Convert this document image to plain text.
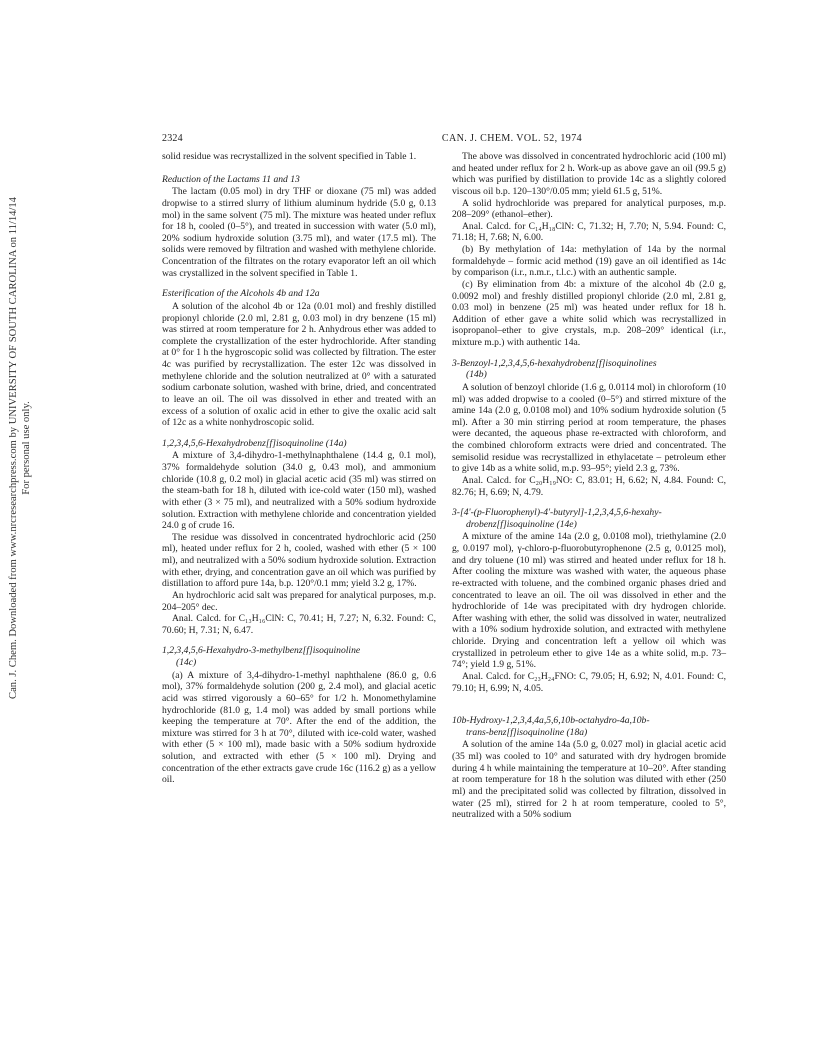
Can. J. Chem. Downloaded from www.nrcresearchpress.com by UNIVERSITY OF SOUTH CAROLINA on 11/14/14 For personal use only.
2324	CAN. J. CHEM. VOL. 52, 1974

solid residue was recrystallized in the solvent specified in Table 1.

Reduction of the Lactams 11 and 13

The lactam (0.05 mol) in dry THF or dioxane (75 ml) was added dropwise to a stirred slurry of lithium aluminum hydride (5.0 g, 0.13 mol) in the same solvent (75 ml). The mixture was heated under reflux for 18 h, cooled (0–5°), and treated in succession with water (5.0 ml), 20% sodium hydroxide solution (3.75 ml), and water (17.5 ml). The solids were removed by filtration and washed with methylene chloride. Concentration of the filtrates on the rotary evaporator left an oil which was crystallized in the solvent specified in Table 1.

Esterification of the Alcohols 4b and 12a

A solution of the alcohol 4b or 12a (0.01 mol) and freshly distilled propionyl chloride (2.0 ml, 2.81 g, 0.03 mol) in dry benzene (15 ml) was stirred at room temperature for 2 h. Anhydrous ether was added to complete the crystallization of the ester hydrochloride. After standing at 0° for 1 h the hygroscopic solid was collected by filtration. The ester 4c was purified by recrystallization. The ester 12c was dissolved in methylene chloride and the solution neutralized at 0° with a saturated sodium carbonate solution, washed with brine, dried, and concentrated to leave an oil. The oil was dissolved in ether and treated with an excess of a solution of oxalic acid in ether to give the oxalic acid salt of 12c as a white nonhydroscopic solid.

1,2,3,4,5,6-Hexahydrobenz[f]isoquinoline (14a)

A mixture of 3,4-dihydro-1-methylnaphthalene (14.4 g, 0.1 mol), 37% formaldehyde solution (34.0 g, 0.43 mol), and ammonium chloride (10.8 g, 0.2 mol) in glacial acetic acid (35 ml) was stirred on the steam-bath for 18 h, diluted with ice-cold water (150 ml), washed with ether (3 × 75 ml), and neutralized with a 50% sodium hydroxide solution. Extraction with methylene chloride and concentration yielded 24.0 g of crude 16.

The residue was dissolved in concentrated hydrochloric acid (250 ml), heated under reflux for 2 h, cooled, washed with ether (5 × 100 ml), and neutralized with a 50% sodium hydroxide solution. Extraction with ether, drying, and concentration gave an oil which was purified by distillation to afford pure 14a, b.p. 120°/0.1 mm; yield 3.2 g, 17%.

An hydrochloric acid salt was prepared for analytical purposes, m.p. 204–205° dec.

Anal. Calcd. for C₁₃H₁₆ClN: C, 70.41; H, 7.27; N, 6.32. Found: C, 70.60; H, 7.31; N, 6.47.

1,2,3,4,5,6-Hexahydro-3-methylbenz[f]isoquinoline
(14c)

(a) A mixture of 3,4-dihydro-1-methyl naphthalene (86.0 g, 0.6 mol), 37% formaldehyde solution (200 g, 2.4 mol), and glacial acetic acid was stirred vigorously a 60–65° for 1/2 h. Monomethylamine hydrochloride (81.0 g, 1.4 mol) was added by small portions while keeping the temperature at 70°. After the end of the addition, the mixture was stirred for 3 h at 70°, diluted with ice-cold water, washed with ether (5 × 100 ml), made basic with a 50% sodium hydroxide solution, and extracted with ether (5 × 100 ml). Drying and concentration of the ether extracts gave crude 16c (116.2 g) as a yellow oil.

The above was dissolved in concentrated hydrochloric acid (100 ml) and heated under reflux for 2 h. Work-up as above gave an oil (99.5 g) which was purified by distillation to provide 14c as a slightly colored viscous oil b.p. 120–130°/0.05 mm; yield 61.5 g, 51%.

A solid hydrochloride was prepared for analytical purposes, m.p. 208–209° (ethanol–ether).

Anal. Calcd. for C₁₄H₁₈ClN: C, 71.32; H, 7.70; N, 5.94. Found: C, 71.18; H, 7.68; N, 6.00.

(b) By methylation of 14a: methylation of 14a by the normal formaldehyde – formic acid method (19) gave an oil identified as 14c by comparison (i.r., n.m.r., t.l.c.) with an authentic sample.

(c) By elimination from 4b: a mixture of the alcohol 4b (2.0 g, 0.0092 mol) and freshly distilled propionyl chloride (2.0 ml, 2.81 g, 0.03 mol) in benzene (25 ml) was heated under reflux for 18 h. Addition of ether gave a white solid which was recrystallized in isopropanol–ether to give crystals, m.p. 208–209° identical (i.r., mixture m.p.) with authentic 14a.

3-Benzoyl-1,2,3,4,5,6-hexahydrobenz[f]isoquinolines
(14b)

A solution of benzoyl chloride (1.6 g, 0.0114 mol) in chloroform (10 ml) was added dropwise to a cooled (0–5°) and stirred mixture of the amine 14a (2.0 g, 0.0108 mol) and 10% sodium hydroxide solution (5 ml). After a 30 min stirring period at room temperature, the phases were decanted, the aqueous phase re-extracted with chloroform, and the combined chloroform extracts were dried and concentrated. The semisolid residue was recrystallized in ethylacetate – petroleum ether to give 14b as a white solid, m.p. 93–95°; yield 2.3 g, 73%.

Anal. Calcd. for C₂₀H₁₉NO: C, 83.01; H, 6.62; N, 4.84. Found: C, 82.76; H, 6.69; N, 4.79.

3-[4'-(p-Fluorophenyl)-4'-butyryl]-1,2,3,4,5,6-hexahy-
drobenz[f]isoquinoline (14e)

A mixture of the amine 14a (2.0 g, 0.0108 mol), triethylamine (2.0 g, 0.0197 mol), γ-chloro-p-fluorobutyrophenone (2.5 g, 0.0125 mol), and dry toluene (10 ml) was stirred and heated under reflux for 18 h. After cooling the mixture was washed with water, the aqueous phase re-extracted with toluene, and the combined organic phases dried and concentrated to leave an oil. The oil was dissolved in ether and the hydrochloride of 14e was precipitated with dry hydrogen chloride. After washing with ether, the solid was dissolved in water, neutralized with a 10% sodium hydroxide solution, and extracted with methylene chloride. Drying and concentration left a yellow oil which was crystallized in petroleum ether to give 14e as a white solid, m.p. 73–74°; yield 1.9 g, 51%.

Anal. Calcd. for C₂₃H₂₄FNO: C, 79.05; H, 6.92; N, 4.01. Found: C, 79.10; H, 6.99; N, 4.05.

10b-Hydroxy-1,2,3,4,4a,5,6,10b-octahydro-4a,10b-
trans-benz[f]isoquinoline (18a)

A solution of the amine 14a (5.0 g, 0.027 mol) in glacial acetic acid (35 ml) was cooled to 10° and saturated with dry hydrogen bromide during 4 h while maintaining the temperature at 10–20°. After standing at room temperature for 18 h the solution was diluted with ether (250 ml) and the precipitated solid was collected by filtration, dissolved in water (25 ml), stirred for 2 h at room temperature, cooled to 5°, neutralized with a 50% sodium
